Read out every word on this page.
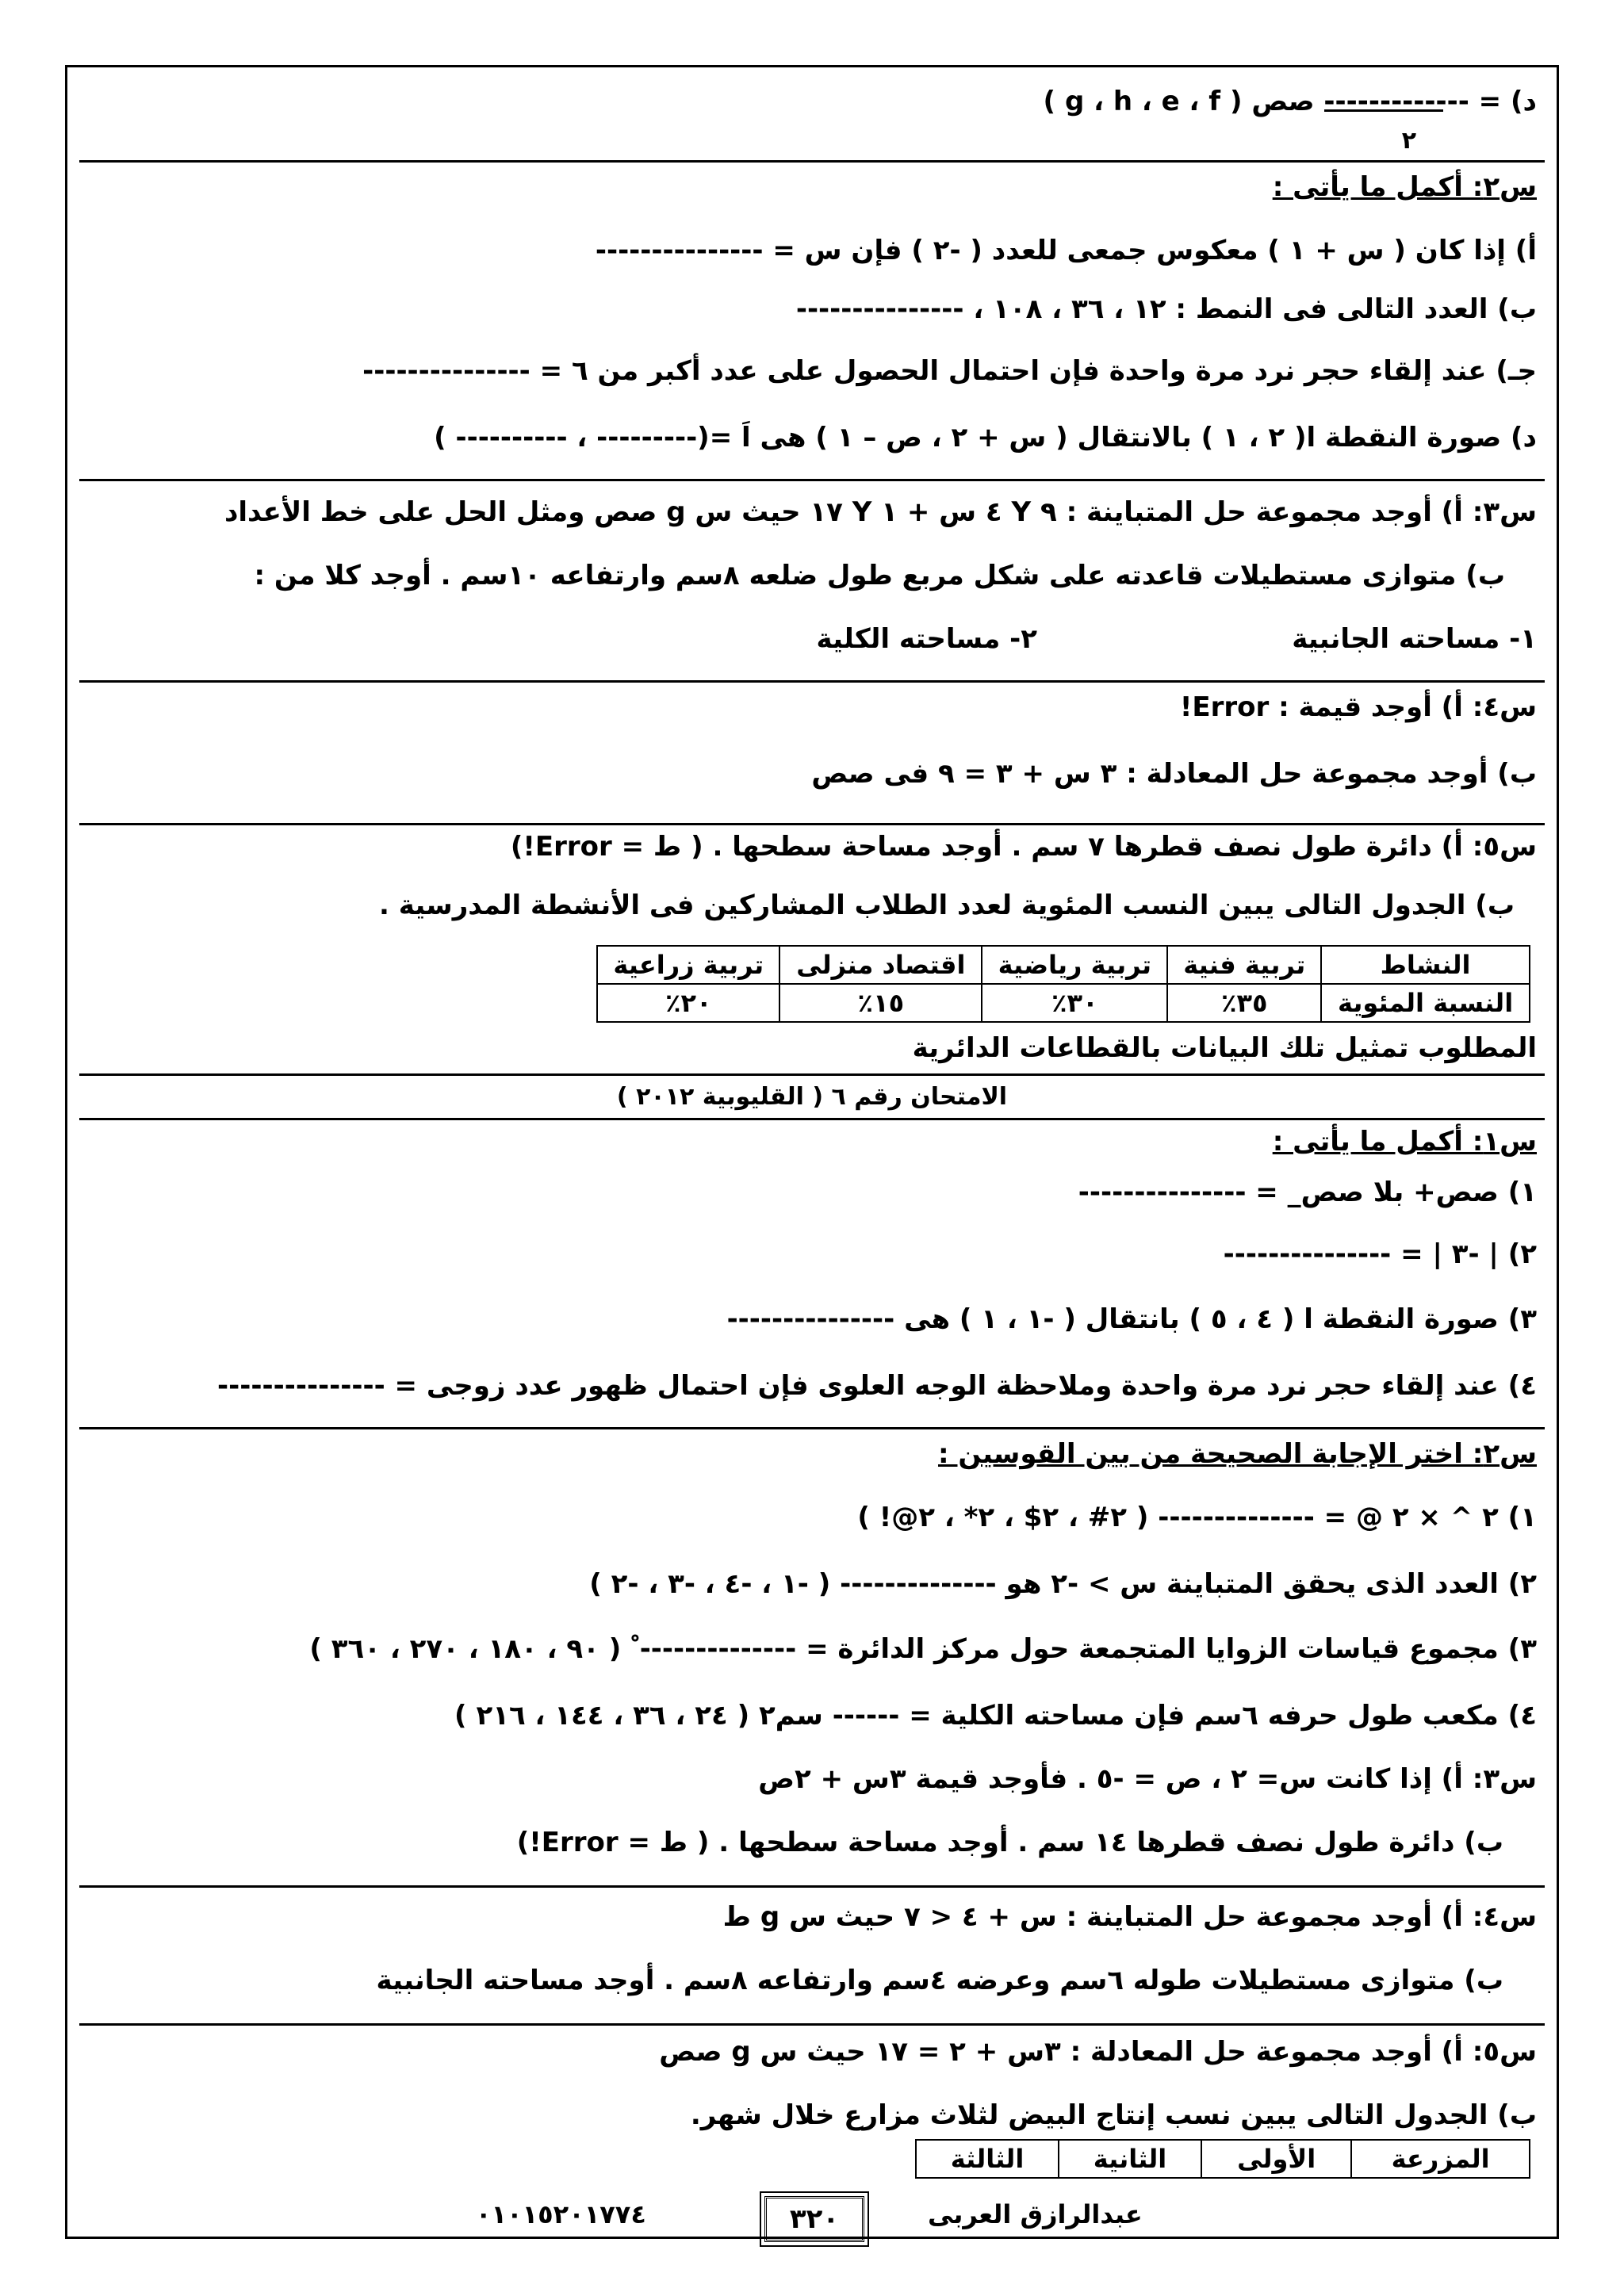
د) = ------------- صص ( g ، h ، e ، f )
٢
س٢: أكمل ما يأتى :
أ) إذا كان ( س + ١ ) معكوس جمعى للعدد ( -٢ ) فإن س = ---------------
ب) العدد التالى فى النمط : ١٢ ، ٣٦ ، ١٠٨ ، ---------------
جـ) عند إلقاء حجر نرد مرة واحدة فإن احتمال الحصول على عدد أكبر من ٦ = ---------------
د) صورة النقطة ا( ٢ ، ١ ) بالانتقال ( س + ٢ ، ص – ١ ) هى اَ =(--------- ، ---------- )
س٣: أ) أوجد مجموعة حل المتباينة : ٩ Y ٤ س + ١ Y ١٧ حيث س g صص ومثل الحل على خط الأعداد
ب) متوازى مستطيلات قاعدته على شكل مربع طول ضلعه ٨سم وارتفاعه ١٠سم . أوجد كلا من :
١- مساحته الجانبية
٢- مساحته الكلية
س٤: أ) أوجد قيمة : Error!
ب) أوجد مجموعة حل المعادلة : ٣ س + ٣ = ٩ فى صص
س٥: أ) دائرة طول نصف قطرها ٧ سم . أوجد مساحة سطحها . ( ط = Error!)
ب) الجدول التالى يبين النسب المئوية لعدد الطلاب المشاركين فى الأنشطة المدرسية .
النشاط	تربية فنية	تربية رياضية	اقتصاد منزلى	تربية زراعية
النسبة المئوية	٣٥٪	٣٠٪	١٥٪	٢٠٪
المطلوب تمثيل تلك البيانات بالقطاعات الدائرية
الامتحان رقم ٦ ( القليوبية ٢٠١٢ )
س١: أكمل ما يأتى :
١) صص+ بلا صص_ = ---------------
٢) | -٣ | = ---------------
٣) صورة النقطة ا ( ٤ ، ٥ ) بانتقال ( -١ ، ١ ) هى ---------------
٤) عند إلقاء حجر نرد مرة واحدة وملاحظة الوجه العلوى فإن احتمال ظهور عدد زوجى = ---------------
س٢: اختر الإجابة الصحيحة من بين القوسين :
١) ٢ ^ × ٢ @ = -------------- ( ٢# ، ٢$ ، ٢* ، ٢@! )
٢) العدد الذى يحقق المتباينة س > -٢ هو -------------- ( -١ ، -٤ ، -٣ ، -٢ )
٣) مجموع قياسات الزوايا المتجمعة حول مركز الدائرة = -------------- ْ ( ٩٠ ، ١٨٠ ، ٢٧٠ ، ٣٦٠ )
٤) مكعب طول حرفه ٦سم فإن مساحته الكلية = ------ سم٢ ( ٢٤ ، ٣٦ ، ١٤٤ ، ٢١٦ )
س٣: أ) إذا كانت س= ٢ ، ص = -٥ . فأوجد قيمة ٣س + ٢ص
ب) دائرة طول نصف قطرها ١٤ سم . أوجد مساحة سطحها . ( ط = Error!)
س٤: أ) أوجد مجموعة حل المتباينة : س + ٤ < ٧ حيث س g ط
ب) متوازى مستطيلات طوله ٦سم وعرضه ٤سم وارتفاعه ٨سم . أوجد مساحته الجانبية
س٥: أ) أوجد مجموعة حل المعادلة : ٣س + ٢ = ١٧ حيث س g صص
ب) الجدول التالى يبين نسب إنتاج البيض لثلاث مزارع خلال شهر.
المزرعة	الأولى	الثانية	الثالثة
عبدالرازق العربى
٣٢٠
٠١٠١٥٢٠١٧٧٤
